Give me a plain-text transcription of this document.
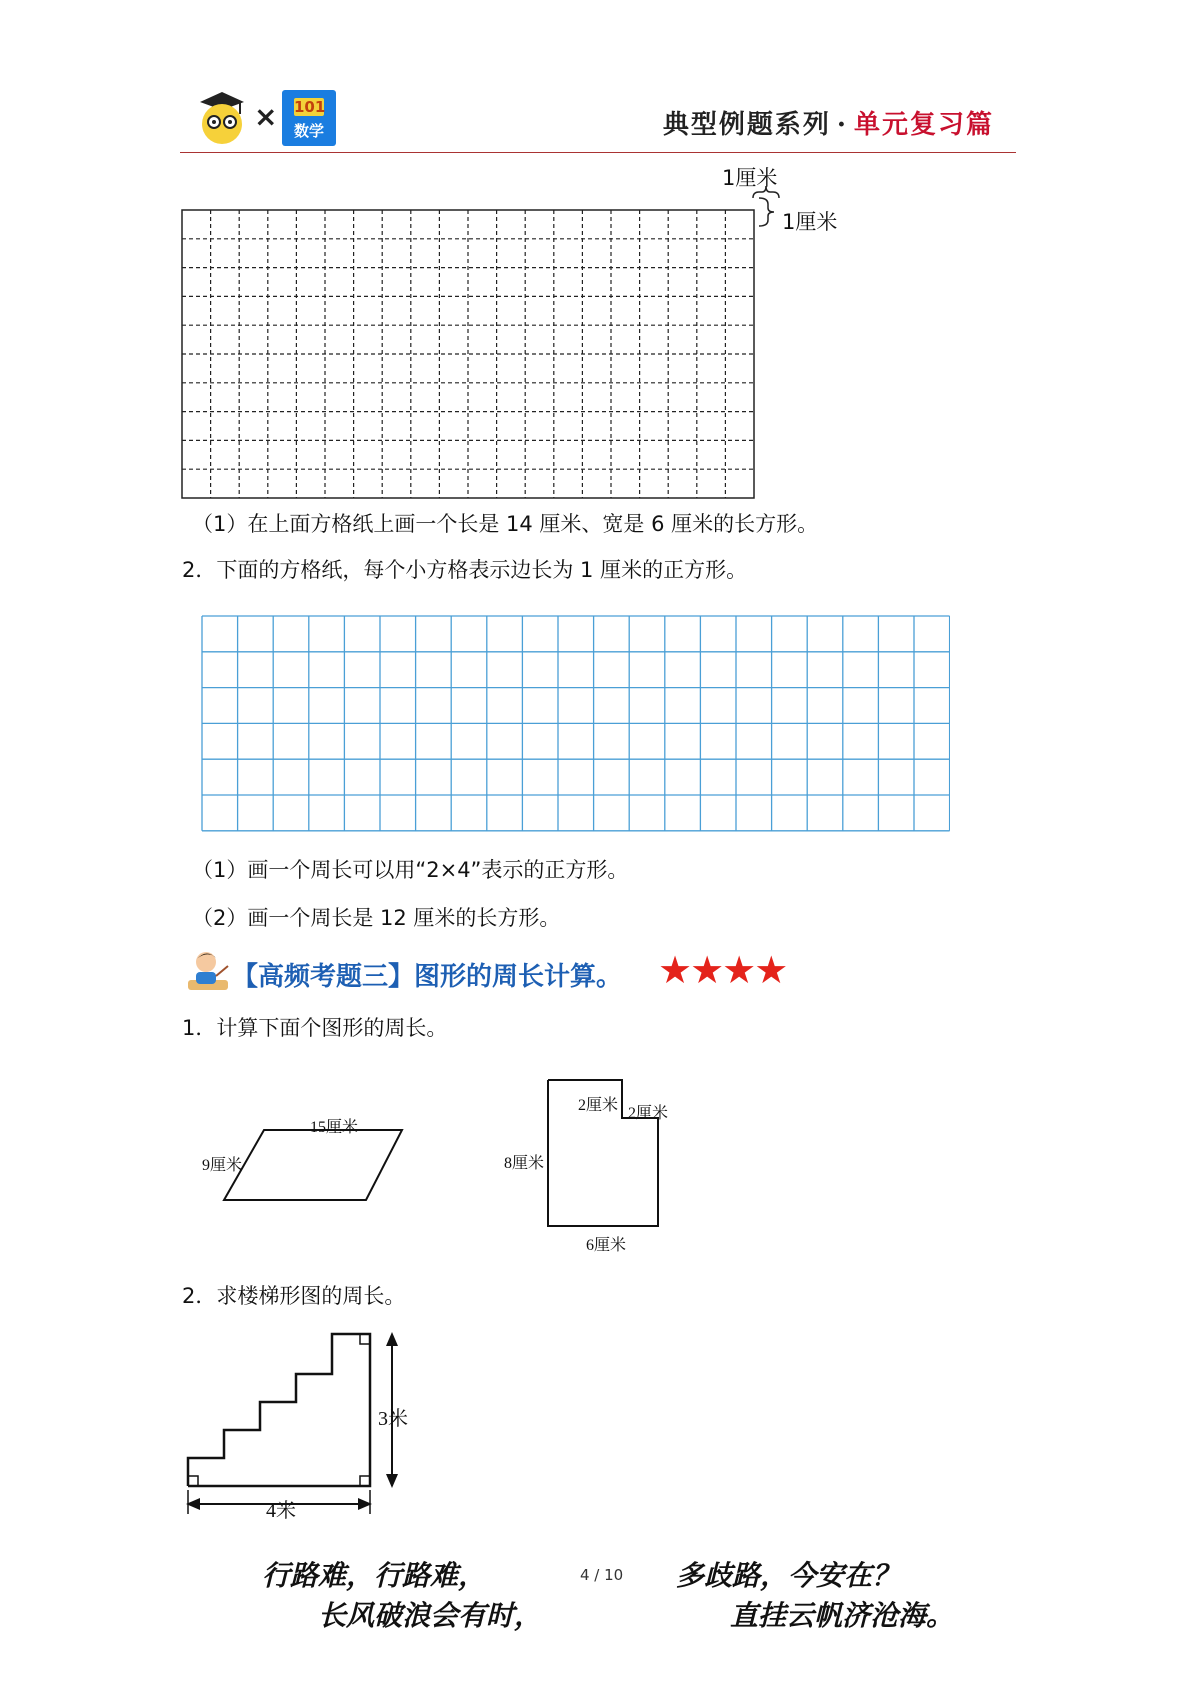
× 101
数学	典型例题系列 · 单元复习篇
1厘米
1厘米
（1）在上面方格纸上画一个长是 14 厘米、宽是 6 厘米的长方形。
2．下面的方格纸，每个小方格表示边长为 1 厘米的正方形。
（1）画一个周长可以用“2×4”表示的正方形。
（2）画一个周长是 12 厘米的长方形。
【高频考题三】图形的周长计算。 ★★★★
1．计算下面个图形的周长。
15厘米
9厘米
2厘米 2厘米
8厘米
6厘米
2．求楼梯形图的周长。
3米
4米
4 / 10
行路难，行路难，
长风破浪会有时，
多歧路，今安在？
直挂云帆济沧海。
